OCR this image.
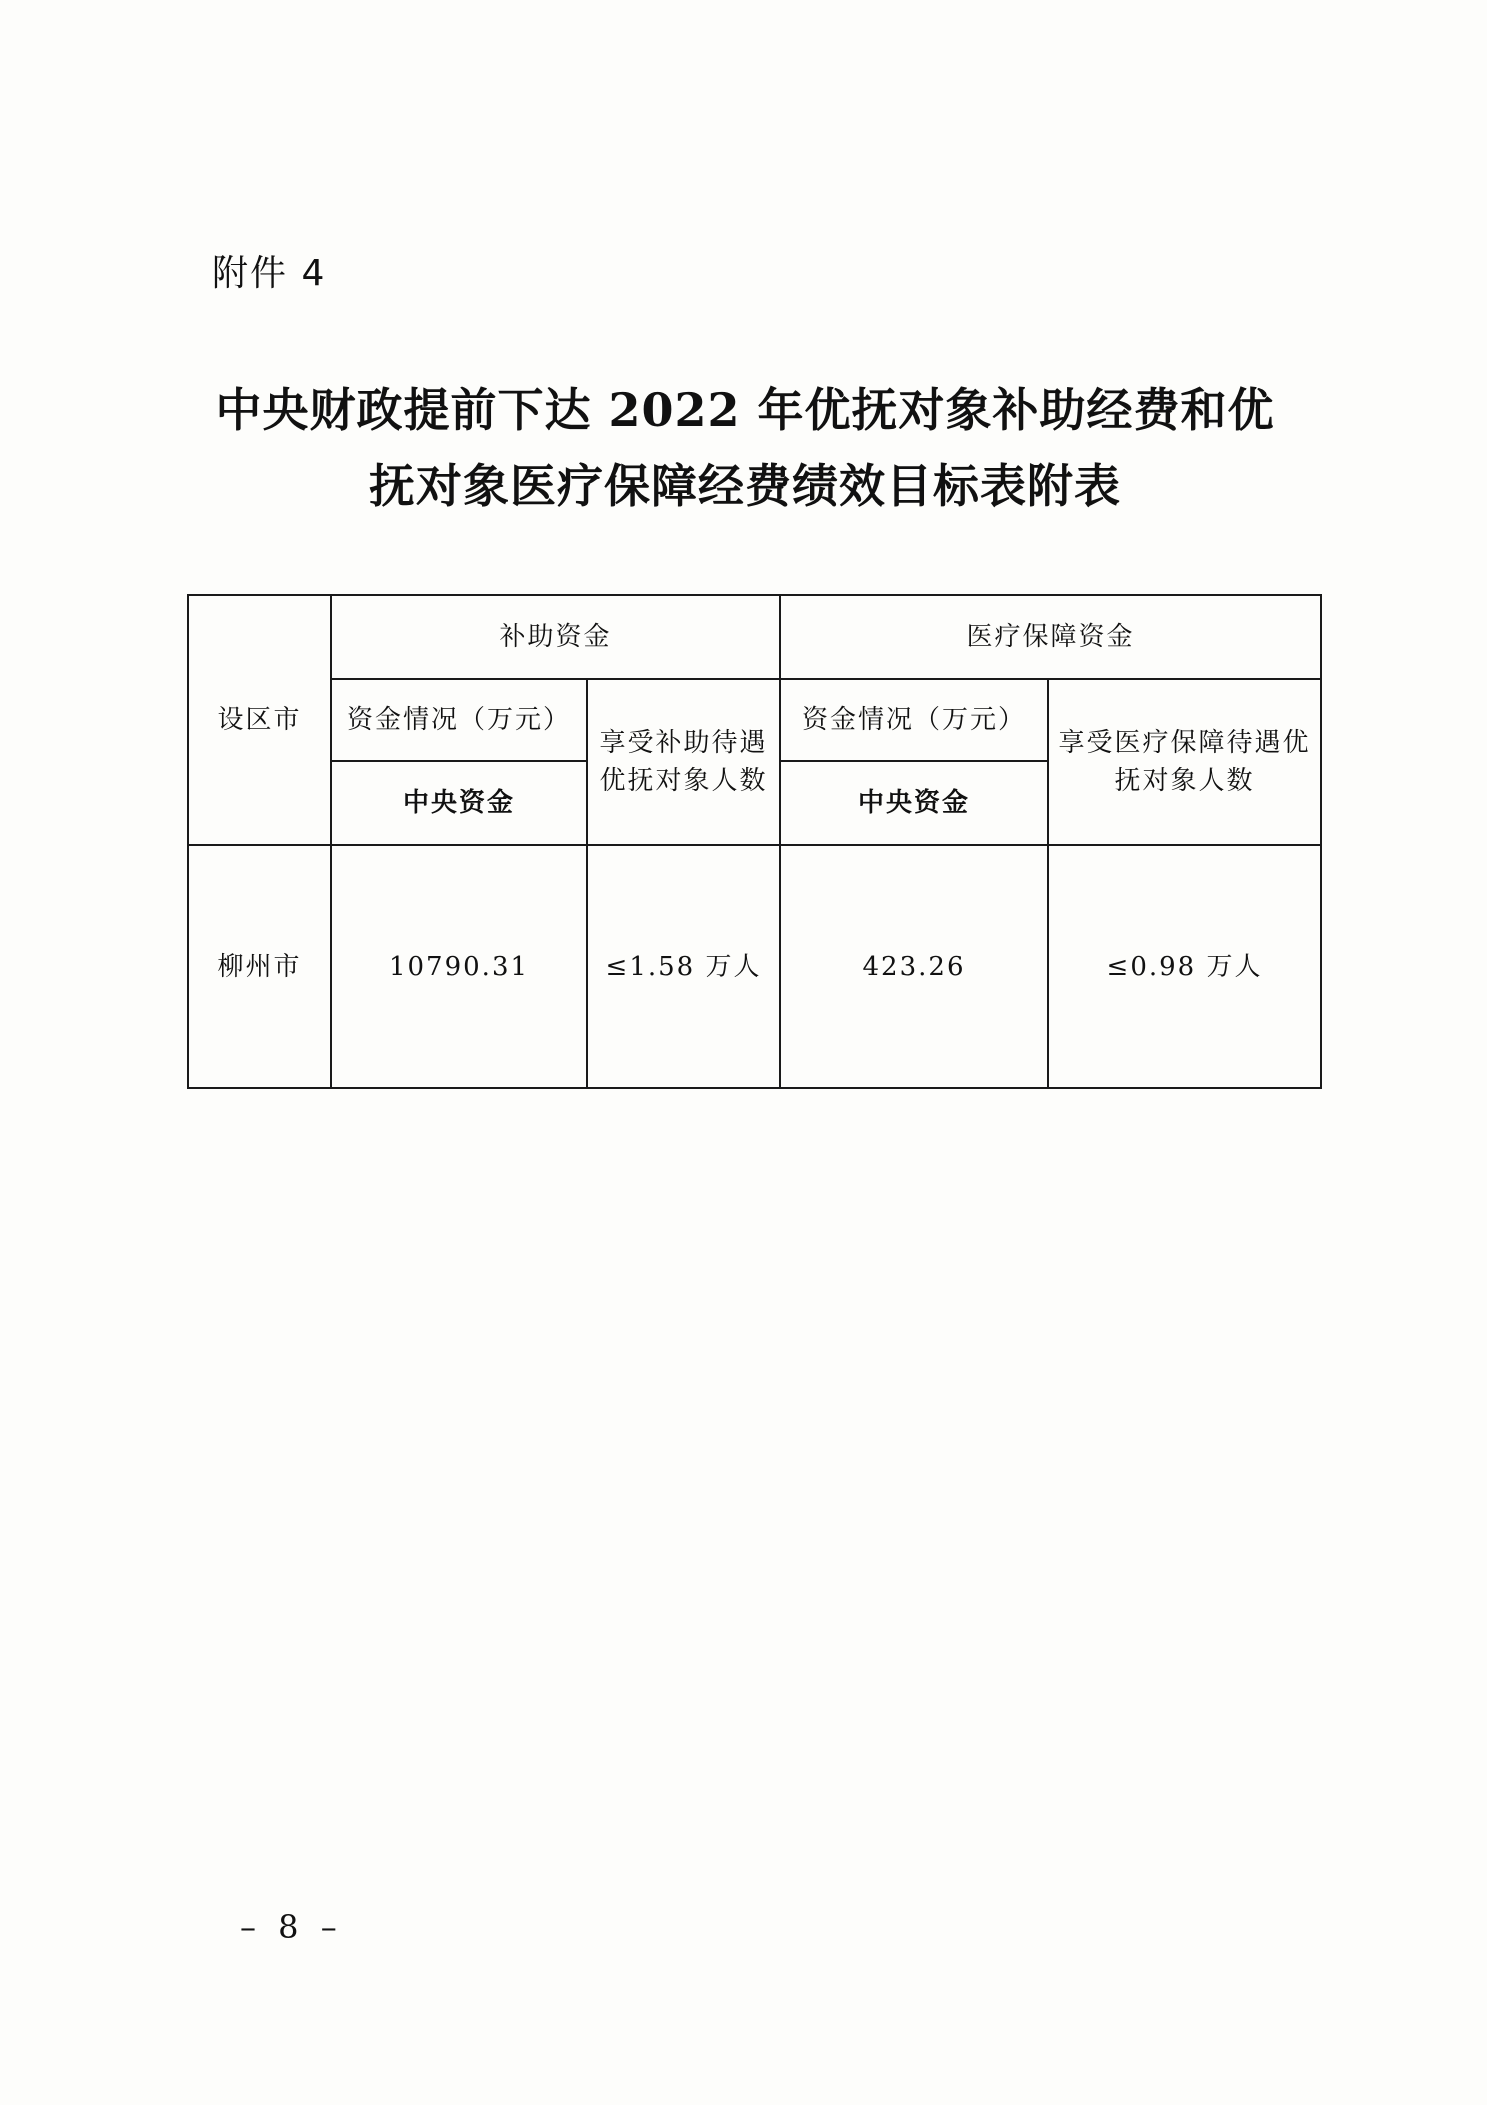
附件 4
中央财政提前下达 2022 年优抚对象补助经费和优
抚对象医疗保障经费绩效目标表附表
设区市	补助资金		医疗保障资金	
	资金情况（万元）	享受补助待遇优抚对象人数	资金情况（万元）	享受医疗保障待遇优抚对象人数
	中央资金		中央资金	
柳州市	10790.31	≤1.58 万人	423.26	≤0.98 万人
– 8 –
